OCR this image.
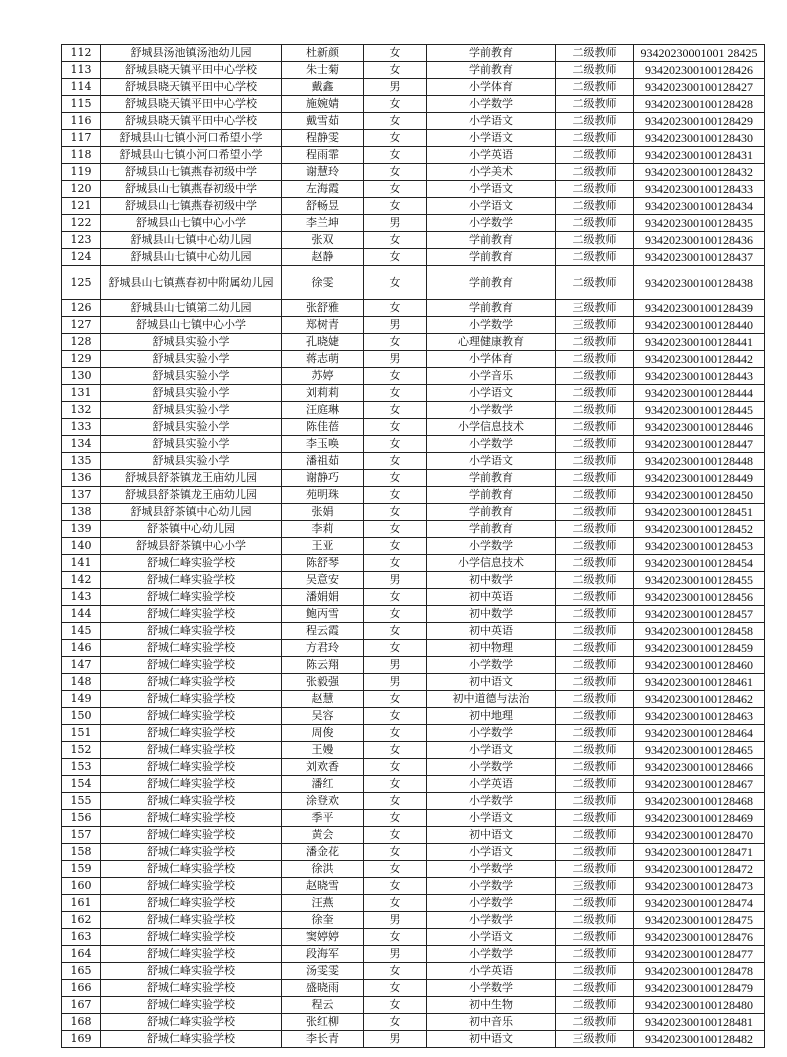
112	舒城县汤池镇汤池幼儿园	杜新颜	女	学前教育	二级教师	93420230001001 28425
113	舒城县晓天镇平田中心学校	朱士菊	女	学前教育	二级教师	934202300100128426
114	舒城县晓天镇平田中心学校	戴鑫	男	小学体育	二级教师	934202300100128427
115	舒城县晓天镇平田中心学校	施婉婧	女	小学数学	二级教师	934202300100128428
116	舒城县晓天镇平田中心学校	戴雪茹	女	小学语文	二级教师	934202300100128429
117	舒城县山七镇小河口希望小学	程静雯	女	小学语文	二级教师	934202300100128430
118	舒城县山七镇小河口希望小学	程雨霏	女	小学英语	二级教师	934202300100128431
119	舒城县山七镇燕春初级中学	谢慧玲	女	小学美术	二级教师	934202300100128432
120	舒城县山七镇燕春初级中学	左海霞	女	小学语文	二级教师	934202300100128433
121	舒城县山七镇燕春初级中学	舒畅昱	女	小学语文	二级教师	934202300100128434
122	舒城县山七镇中心小学	李兰坤	男	小学数学	二级教师	934202300100128435
123	舒城县山七镇中心幼儿园	张双	女	学前教育	二级教师	934202300100128436
124	舒城县山七镇中心幼儿园	赵静	女	学前教育	二级教师	934202300100128437
125	舒城县山七镇燕春初中附属幼儿园	徐雯	女	学前教育	二级教师	934202300100128438
126	舒城县山七镇第二幼儿园	张舒雅	女	学前教育	三级教师	934202300100128439
127	舒城县山七镇中心小学	郑树青	男	小学数学	三级教师	934202300100128440
128	舒城县实验小学	孔晓婕	女	心理健康教育	二级教师	934202300100128441
129	舒城县实验小学	蒋志萌	男	小学体育	二级教师	934202300100128442
130	舒城县实验小学	苏婷	女	小学音乐	二级教师	934202300100128443
131	舒城县实验小学	刘莉莉	女	小学语文	二级教师	934202300100128444
132	舒城县实验小学	汪庭琳	女	小学数学	二级教师	934202300100128445
133	舒城县实验小学	陈佳蓓	女	小学信息技术	二级教师	934202300100128446
134	舒城县实验小学	李玉唤	女	小学数学	二级教师	934202300100128447
135	舒城县实验小学	潘祖茹	女	小学语文	二级教师	934202300100128448
136	舒城县舒茶镇龙王庙幼儿园	谢静巧	女	学前教育	二级教师	934202300100128449
137	舒城县舒茶镇龙王庙幼儿园	苑明珠	女	学前教育	二级教师	934202300100128450
138	舒城县舒茶镇中心幼儿园	张娟	女	学前教育	二级教师	934202300100128451
139	舒茶镇中心幼儿园	李莉	女	学前教育	二级教师	934202300100128452
140	舒城县舒茶镇中心小学	王亚	女	小学数学	二级教师	934202300100128453
141	舒城仁峰实验学校	陈舒琴	女	小学信息技术	二级教师	934202300100128454
142	舒城仁峰实验学校	吴意安	男	初中数学	二级教师	934202300100128455
143	舒城仁峰实验学校	潘娟娟	女	初中英语	二级教师	934202300100128456
144	舒城仁峰实验学校	鲍丙雪	女	初中数学	二级教师	934202300100128457
145	舒城仁峰实验学校	程云霞	女	初中英语	二级教师	934202300100128458
146	舒城仁峰实验学校	方君玲	女	初中物理	二级教师	934202300100128459
147	舒城仁峰实验学校	陈云翔	男	小学数学	二级教师	934202300100128460
148	舒城仁峰实验学校	张毅强	男	初中语文	二级教师	934202300100128461
149	舒城仁峰实验学校	赵慧	女	初中道德与法治	二级教师	934202300100128462
150	舒城仁峰实验学校	吴容	女	初中地理	二级教师	934202300100128463
151	舒城仁峰实验学校	周俊	女	小学数学	二级教师	934202300100128464
152	舒城仁峰实验学校	王嫚	女	小学语文	二级教师	934202300100128465
153	舒城仁峰实验学校	刘欢香	女	小学数学	二级教师	934202300100128466
154	舒城仁峰实验学校	潘红	女	小学英语	二级教师	934202300100128467
155	舒城仁峰实验学校	涂登欢	女	小学数学	二级教师	934202300100128468
156	舒城仁峰实验学校	季平	女	小学语文	二级教师	934202300100128469
157	舒城仁峰实验学校	黄会	女	初中语文	二级教师	934202300100128470
158	舒城仁峰实验学校	潘金花	女	小学语文	二级教师	934202300100128471
159	舒城仁峰实验学校	徐洪	女	小学数学	二级教师	934202300100128472
160	舒城仁峰实验学校	赵晓雪	女	小学数学	三级教师	934202300100128473
161	舒城仁峰实验学校	汪燕	女	小学数学	二级教师	934202300100128474
162	舒城仁峰实验学校	徐奎	男	小学数学	二级教师	934202300100128475
163	舒城仁峰实验学校	窦婷婷	女	小学语文	二级教师	934202300100128476
164	舒城仁峰实验学校	段海军	男	小学数学	二级教师	934202300100128477
165	舒城仁峰实验学校	汤雯雯	女	小学英语	二级教师	934202300100128478
166	舒城仁峰实验学校	盛晓雨	女	小学数学	二级教师	934202300100128479
167	舒城仁峰实验学校	程云	女	初中生物	二级教师	934202300100128480
168	舒城仁峰实验学校	张红柳	女	初中音乐	二级教师	934202300100128481
169	舒城仁峰实验学校	李长青	男	初中语文	三级教师	934202300100128482
